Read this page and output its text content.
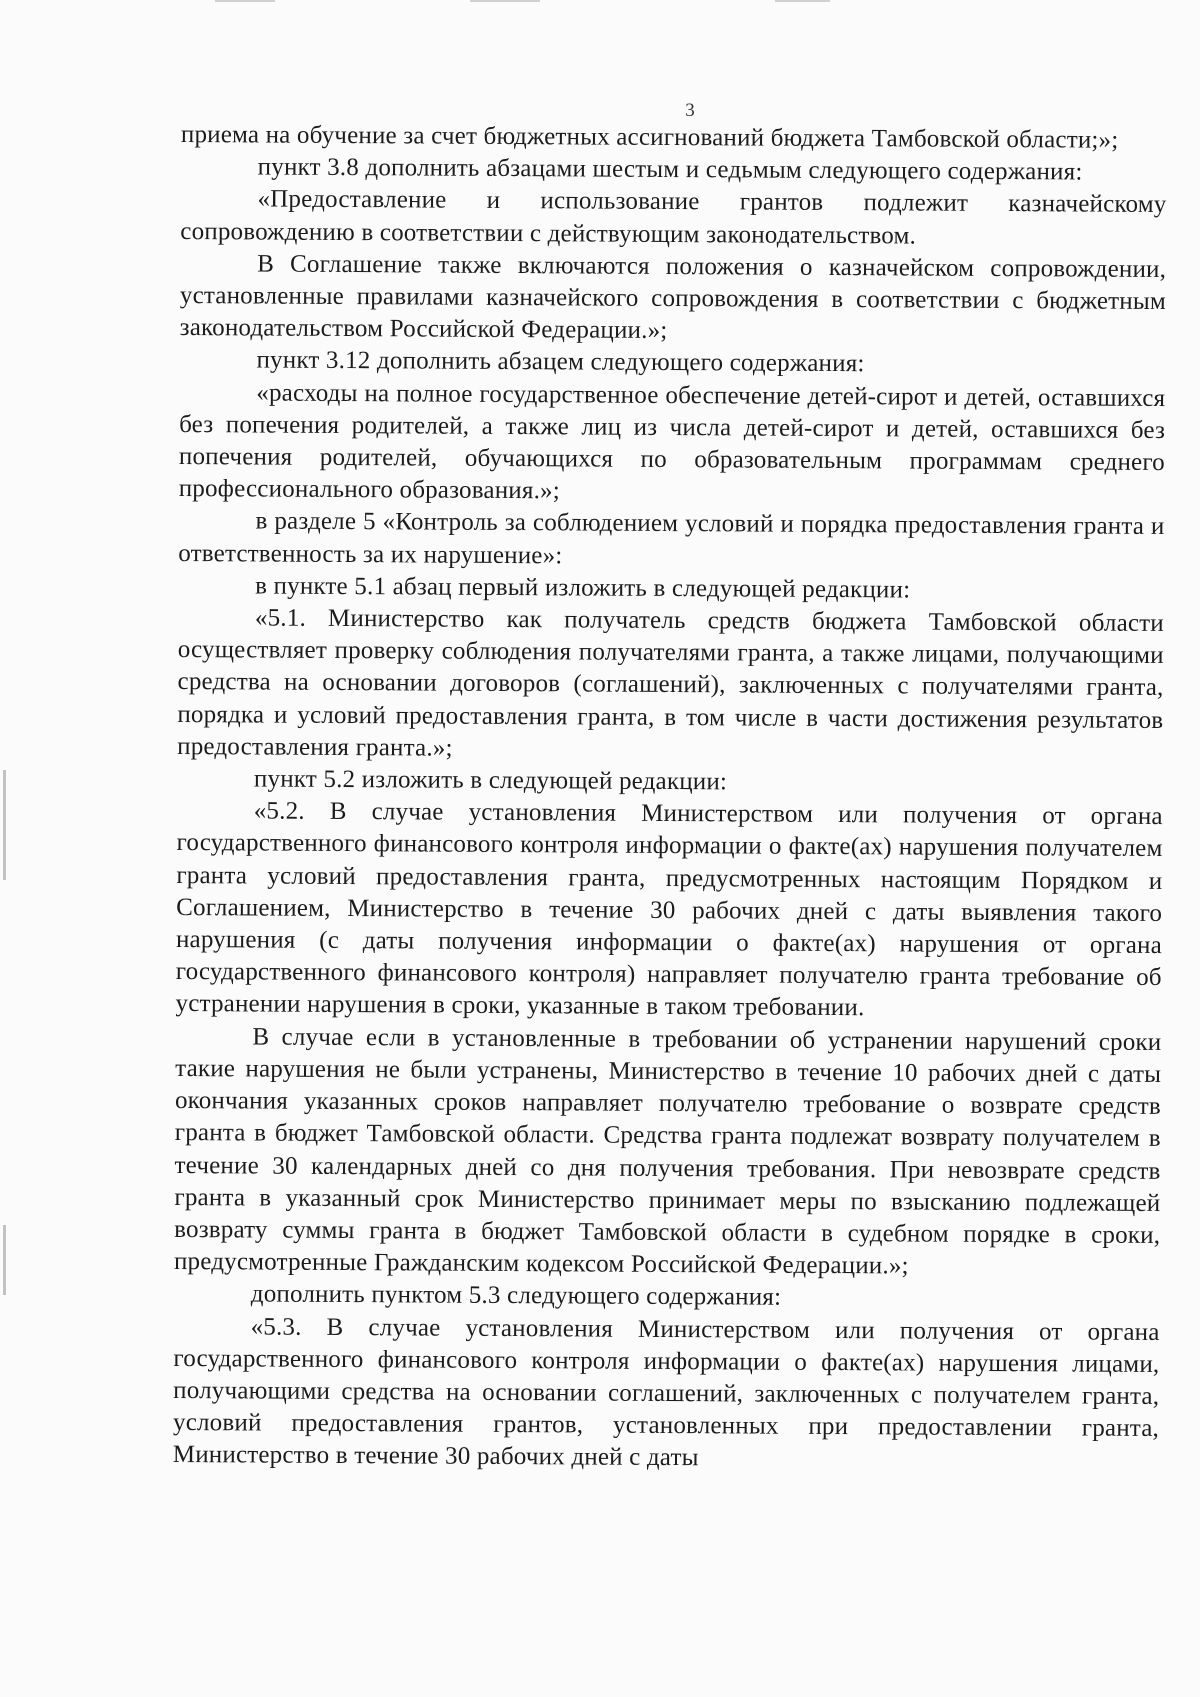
3

приема на обучение за счет бюджетных ассигнований бюджета Тамбовской области;»;

пункт 3.8 дополнить абзацами шестым и седьмым следующего содержания:

«Предоставление и использование грантов подлежит казначейскому сопровождению в соответствии с действующим законодательством.

В Соглашение также включаются положения о казначейском сопровождении, установленные правилами казначейского сопровождения в соответствии с бюджетным законодательством Российской Федерации.»;

пункт 3.12 дополнить абзацем следующего содержания:

«расходы на полное государственное обеспечение детей-сирот и детей, оставшихся без попечения родителей, а также лиц из числа детей-сирот и детей, оставшихся без попечения родителей, обучающихся по образовательным программам среднего профессионального образования.»;

в разделе 5 «Контроль за соблюдением условий и порядка предоставления гранта и ответственность за их нарушение»:

в пункте 5.1 абзац первый изложить в следующей редакции:

«5.1. Министерство как получатель средств бюджета Тамбовской области осуществляет проверку соблюдения получателями гранта, а также лицами, получающими средства на основании договоров (соглашений), заключенных с получателями гранта, порядка и условий предоставления гранта, в том числе в части достижения результатов предоставления гранта.»;

пункт 5.2 изложить в следующей редакции:

«5.2. В случае установления Министерством или получения от органа государственного финансового контроля информации о факте(ах) нарушения получателем гранта условий предоставления гранта, предусмотренных настоящим Порядком и Соглашением, Министерство в течение 30 рабочих дней с даты выявления такого нарушения (с даты получения информации о факте(ах) нарушения от органа государственного финансового контроля) направляет получателю гранта требование об устранении нарушения в сроки, указанные в таком требовании.

В случае если в установленные в требовании об устранении нарушений сроки такие нарушения не были устранены, Министерство в течение 10 рабочих дней с даты окончания указанных сроков направляет получателю требование о возврате средств гранта в бюджет Тамбовской области. Средства гранта подлежат возврату получателем в течение 30 календарных дней со дня получения требования. При невозврате средств гранта в указанный срок Министерство принимает меры по взысканию подлежащей возврату суммы гранта в бюджет Тамбовской области в судебном порядке в сроки, предусмотренные Гражданским кодексом Российской Федерации.»;

дополнить пунктом 5.3 следующего содержания:

«5.3. В случае установления Министерством или получения от органа государственного финансового контроля информации о факте(ах) нарушения лицами, получающими средства на основании соглашений, заключенных с получателем гранта, условий предоставления грантов, установленных при предоставлении гранта, Министерство в течение 30 рабочих дней с даты
